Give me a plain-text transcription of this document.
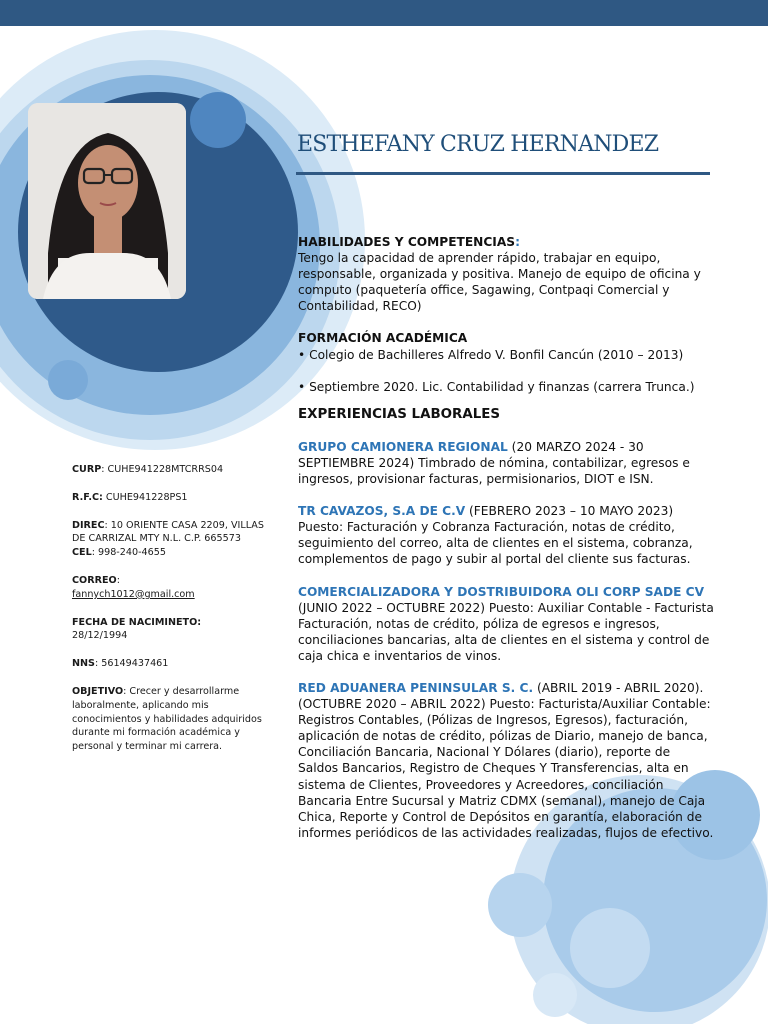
ESTHEFANY CRUZ HERNANDEZ

HABILIDADES Y COMPETENCIAS:

Tengo la capacidad de aprender rápido, trabajar en equipo, responsable, organizada y positiva. Manejo de equipo de oficina y computo (paquetería office, Sagawing, Contpaqi Comercial y Contabilidad, RECO)

FORMACIÓN ACADÉMICA

• Colegio de Bachilleres Alfredo V. Bonfil Cancún (2010 – 2013)

• Septiembre 2020. Lic. Contabilidad y finanzas (carrera Trunca.)

EXPERIENCIAS LABORALES

GRUPO CAMIONERA REGIONAL (20 MARZO 2024 - 30 SEPTIEMBRE 2024) Timbrado de nómina, contabilizar, egresos e ingresos, provisionar facturas, permisionarios, DIOT e ISN.

TR CAVAZOS, S.A DE C.V (FEBRERO 2023 – 10 MAYO 2023) Puesto: Facturación y Cobranza Facturación, notas de crédito, seguimiento del correo, alta de clientes en el sistema, cobranza, complementos de pago y subir al portal del cliente sus facturas.

COMERCIALIZADORA Y DOSTRIBUIDORA OLI CORP SADE CV (JUNIO 2022 – OCTUBRE 2022) Puesto: Auxiliar Contable - Facturista Facturación, notas de crédito, póliza de egresos e ingresos, conciliaciones bancarias, alta de clientes en el sistema y control de caja chica e inventarios de vinos.

RED ADUANERA PENINSULAR S. C. (ABRIL 2019 - ABRIL 2020). (OCTUBRE 2020 – ABRIL 2022) Puesto: Facturista/Auxiliar Contable: Registros Contables, (Pólizas de Ingresos, Egresos), facturación, aplicación de notas de crédito, pólizas de Diario, manejo de banca, Conciliación Bancaria, Nacional Y Dólares (diario), reporte de Saldos Bancarios, Registro de Cheques Y Transferencias, alta en sistema de Clientes, Proveedores y Acreedores, conciliación Bancaria Entre Sucursal y Matriz CDMX (semanal), manejo de Caja Chica, Reporte y Control de Depósitos en garantía, elaboración de informes periódicos de las actividades realizadas, flujos de efectivo.

CURP: CUHE941228MTCRRS04

R.F.C: CUHE941228PS1

DIREC: 10 ORIENTE CASA 2209, VILLAS DE CARRIZAL MTY N.L. C.P. 665573

CEL: 998-240-4655

CORREO:

fannych1012@gmail.com

FECHA DE NACIMINETO:

28/12/1994

NNS: 56149437461

OBJETIVO: Crecer y desarrollarme laboralmente, aplicando mis conocimientos y habilidades adquiridos durante mi formación académica y personal y terminar mi carrera.
